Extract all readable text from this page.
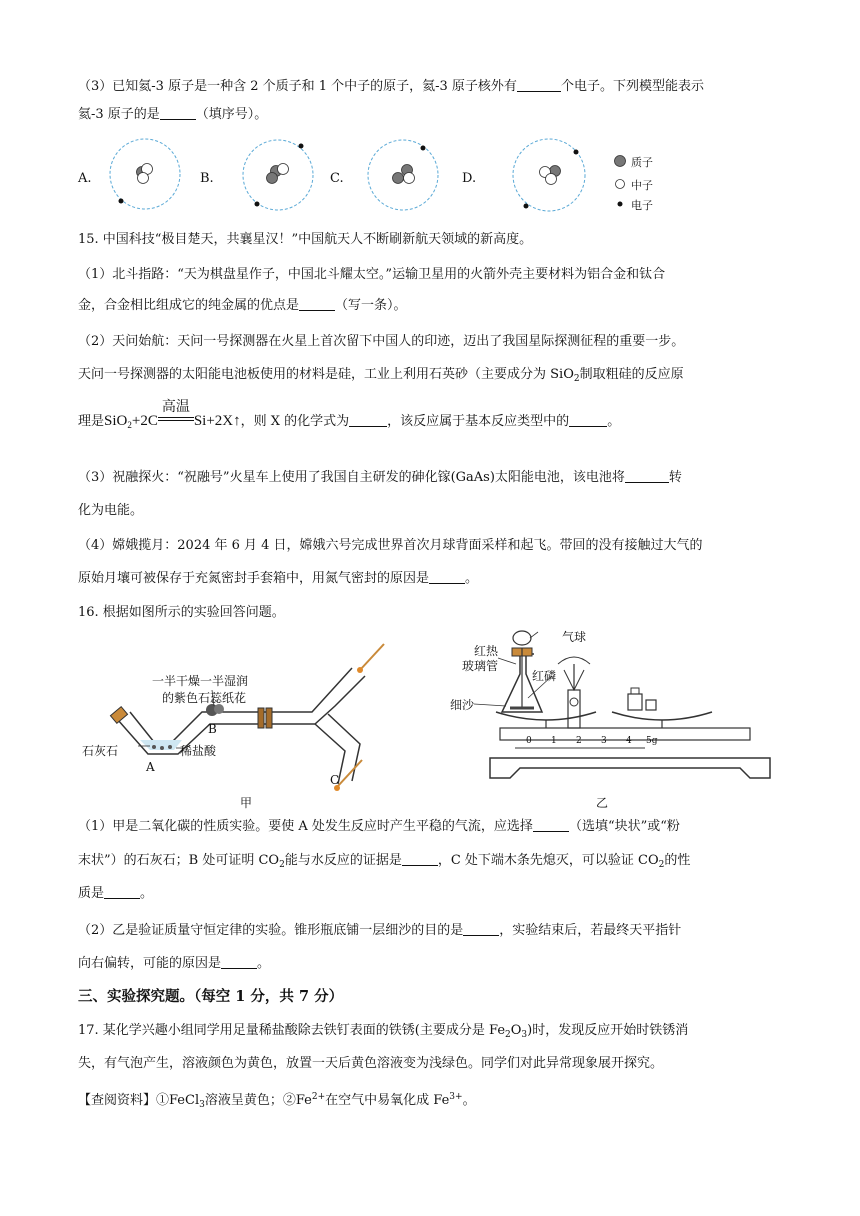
（3）已知氦-3 原子是一种含 2 个质子和 1 个中子的原子，氦-3 原子核外有	个电子。下列模型能表示
氦-3 原子的是	（填序号）。
A.	B.	C.	D.
质子
中子
电子
15. 中国科技“极目楚天，共襄星汉！”中国航天人不断刷新航天领域的新高度。
（1）北斗指路：“天为棋盘星作子，中国北斗耀太空。”运输卫星用的火箭外壳主要材料为铝合金和钛合
金，合金相比组成它的纯金属的优点是	（写一条）。
（2）天问始航：天问一号探测器在火星上首次留下中国人的印迹，迈出了我国星际探测征程的重要一步。
天问一号探测器的太阳能电池板使用的材料是硅，工业上利用石英砂（主要成分为 SiO$_2$制取粗硅的反应原
理是SiO$_2$+2C
高温
Si+2X↑，则 X 的化学式为	，该反应属于基本反应类型中的	。
（3）祝融探火：“祝融号”火星车上使用了我国自主研发的砷化镓(GaAs)太阳能电池，该电池将	转
化为电能。
（4）嫦娥揽月：2024 年 6 月 4 日，嫦娥六号完成世界首次月球背面采样和起飞。带回的没有接触过大气的
原始月壤可被保存于充氮密封手套箱中，用氮气密封的原因是	。
16. 根据如图所示的实验回答问题。
一半干燥一半湿润
的紫色石蕊纸花
B
石灰石	稀盐酸
A
C
甲
红热
玻璃管
气球
红磷
细沙
0 1 2 3 4 5g
乙
（1）甲是二氧化碳的性质实验。要使 A 处发生反应时产生平稳的气流，应选择	（选填“块状”或“粉
末状”）的石灰石；B 处可证明 $CO_2$能与水反应的证据是	，C 处下端木条先熄灭，可以验证 $CO_2$的性
质是	。
（2）乙是验证质量守恒定律的实验。锥形瓶底铺一层细沙的目的是	，实验结束后，若最终天平指针
向右偏转，可能的原因是	。
三、实验探究题。（每空 1 分，共 7 分）
17. 某化学兴趣小组同学用足量稀盐酸除去铁钉表面的铁锈(主要成分是 $Fe_2O_3$)时，发现反应开始时铁锈消
失，有气泡产生，溶液颜色为黄色，放置一天后黄色溶液变为浅绿色。同学们对此异常现象展开探究。
【查阅资料】①FeCl$_3$溶液呈黄色；$②Fe^{2+}$在空气中易氧化成 $Fe^{3+}$。
